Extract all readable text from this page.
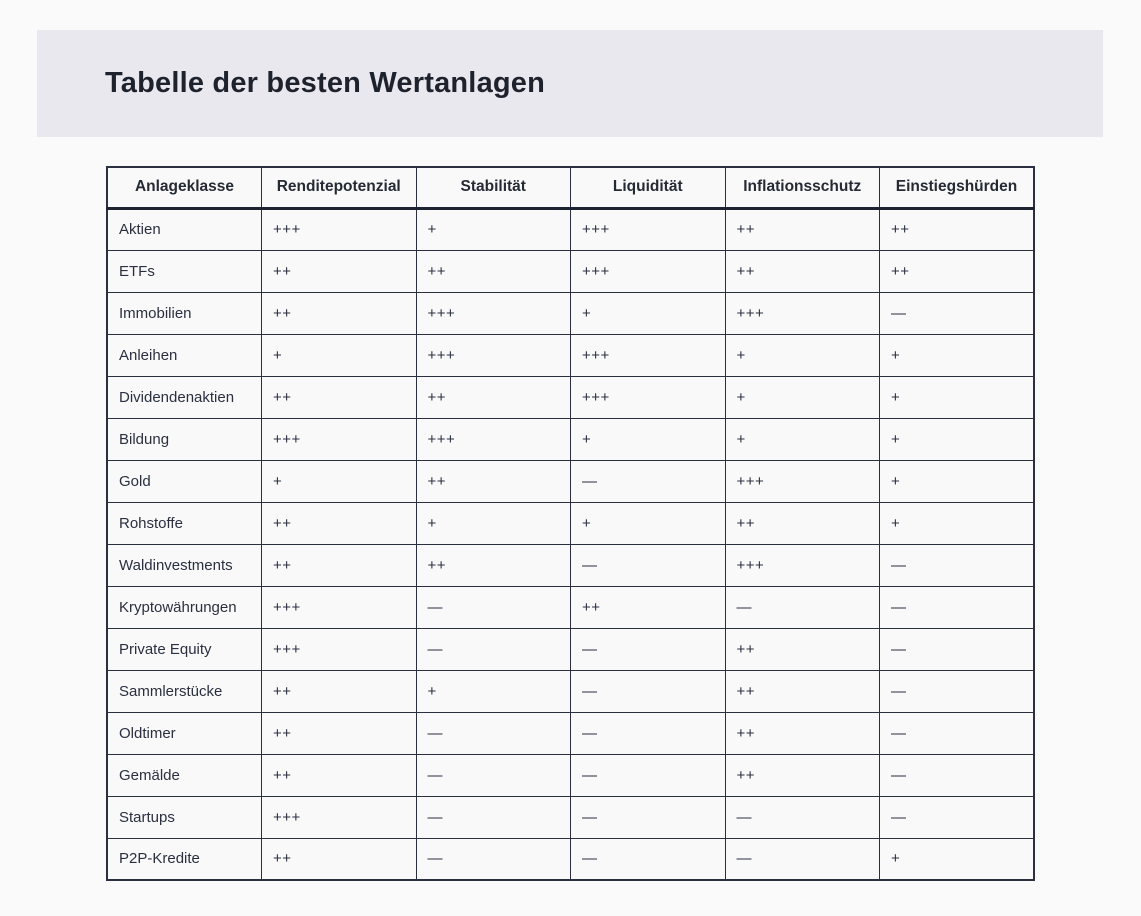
Tabelle der besten Wertanlagen
Anlageklasse	Renditepotenzial	Stabilität	Liquidität	Inflationsschutz	Einstiegshürden
Aktien	+++	+	+++	++	++
ETFs	++	++	+++	++	++
Immobilien	++	+++	+	+++	—
Anleihen	+	+++	+++	+	+
Dividendenaktien	++	++	+++	+	+
Bildung	+++	+++	+	+	+
Gold	+	++	—	+++	+
Rohstoffe	++	+	+	++	+
Waldinvestments	++	++	—	+++	—
Kryptowährungen	+++	—	++	—	—
Private Equity	+++	—	—	++	—
Sammlerstücke	++	+	—	++	—
Oldtimer	++	—	—	++	—
Gemälde	++	—	—	++	—
Startups	+++	—	—	—	—
P2P-Kredite	++	—	—	—	+
